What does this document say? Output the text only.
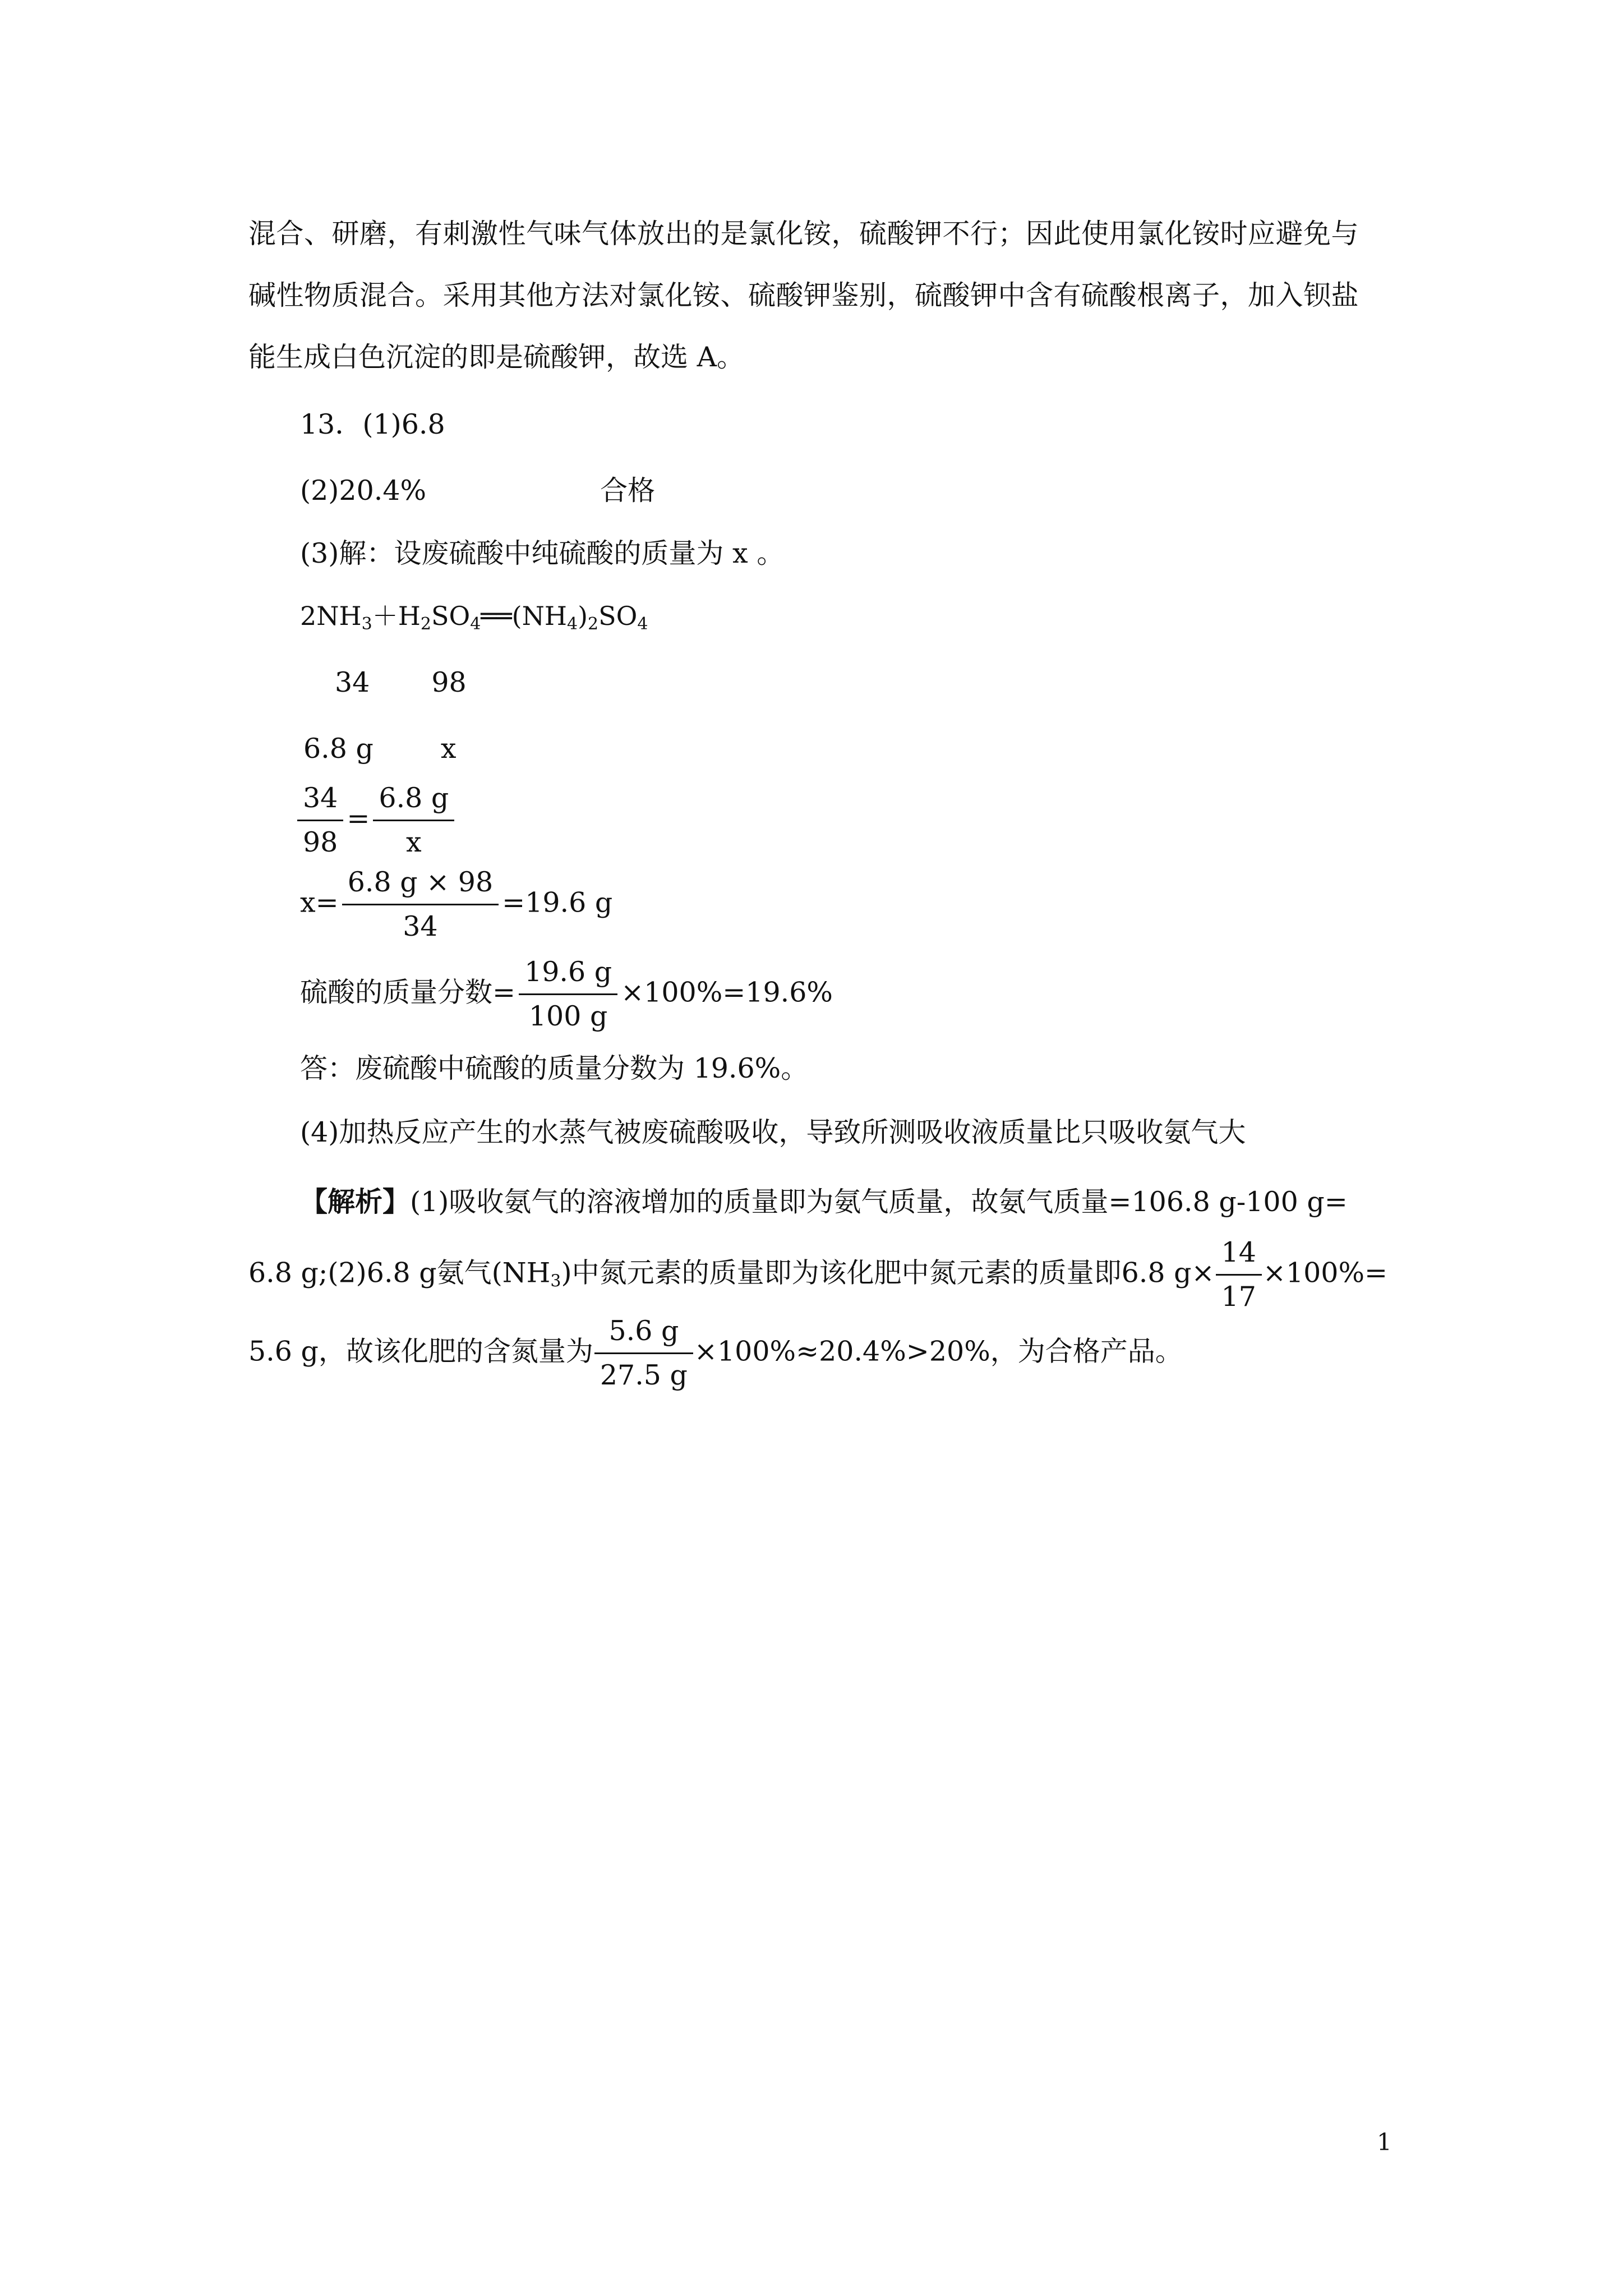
混合、研磨，有刺激性气味气体放出的是氯化铵，硫酸钾不行；因此使用氯化铵时应避免与
碱性物质混合。采用其他方法对氯化铵、硫酸钾鉴别，硫酸钾中含有硫酸根离子，加入钡盐
能生成白色沉淀的即是硫酸钾，故选 A。
13．(1)6.8
(2)20.4%	合格
(3)解：设废硫酸中纯硫酸的质量为 x 。
$2NH_3+H_2SO_4══(NH_4)_2SO_4$
34 98
6.8 g x
$\frac{34}{98} = \frac{6.8 g}{x}$
$x= \frac{6.8 g \times 98}{34} =19.6$ g
硫酸的质量分数= $\frac{19.6 g}{100 g} \times 100\%=19.6\%$
答：废硫酸中硫酸的质量分数为 19.6%。
(4)加热反应产生的水蒸气被废硫酸吸收，导致所测吸收液质量比只吸收氨气大
【解析】(1)吸收氨气的溶液增加的质量即为氨气质量，故氨气质量=106.8 g-100 g=
6.8 g;(2)6.8 g氨气$(NH_3)$中氮元素的质量即为该化肥中氮元素的质量即6.8 $g\times \frac{14}{17} \times 100\%=$
5.6 g，故该化肥的含氮量为 $\frac{5.6 g}{27.5 g} \times 100\%\approx 20.4\%>20\%$，为合格产品。
1
